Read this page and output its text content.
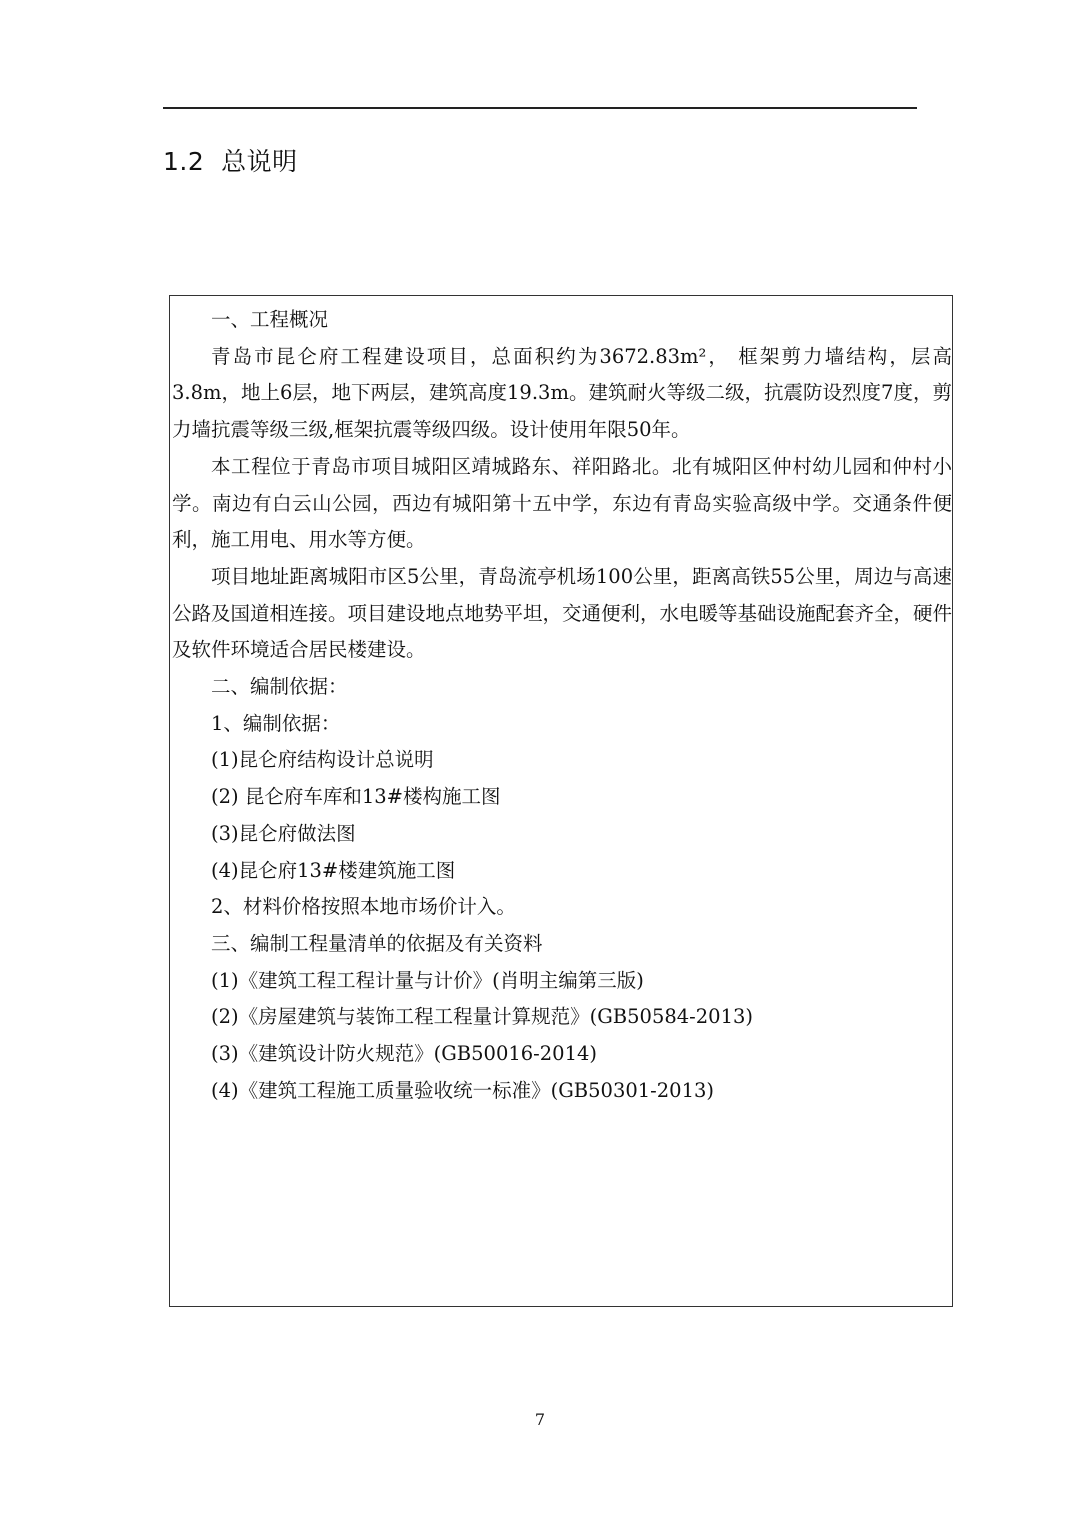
1.2 总说明

一、工程概况

青岛市昆仑府工程建设项目，总面积约为3672.83m²， 框架剪力墙结构，层高3.8m，地上6层，地下两层，建筑高度19.3m。建筑耐火等级二级，抗震防设烈度7度，剪力墙抗震等级三级,框架抗震等级四级。设计使用年限50年。

本工程位于青岛市项目城阳区靖城路东、祥阳路北。北有城阳区仲村幼儿园和仲村小学。南边有白云山公园，西边有城阳第十五中学，东边有青岛实验高级中学。交通条件便利，施工用电、用水等方便。

项目地址距离城阳市区5公里，青岛流亭机场100公里，距离高铁55公里，周边与高速公路及国道相连接。项目建设地点地势平坦，交通便利，水电暖等基础设施配套齐全，硬件及软件环境适合居民楼建设。

二、编制依据：

1、编制依据：

(1)昆仑府结构设计总说明

(2) 昆仑府车库和13#楼构施工图

(3)昆仑府做法图

(4)昆仑府13#楼建筑施工图

2、材料价格按照本地市场价计入。

三、编制工程量清单的依据及有关资料

(1)《建筑工程工程计量与计价》(肖明主编第三版)

(2)《房屋建筑与装饰工程工程量计算规范》(GB50584-2013)

(3)《建筑设计防火规范》(GB50016-2014)

(4)《建筑工程施工质量验收统一标准》(GB50301-2013)

7
